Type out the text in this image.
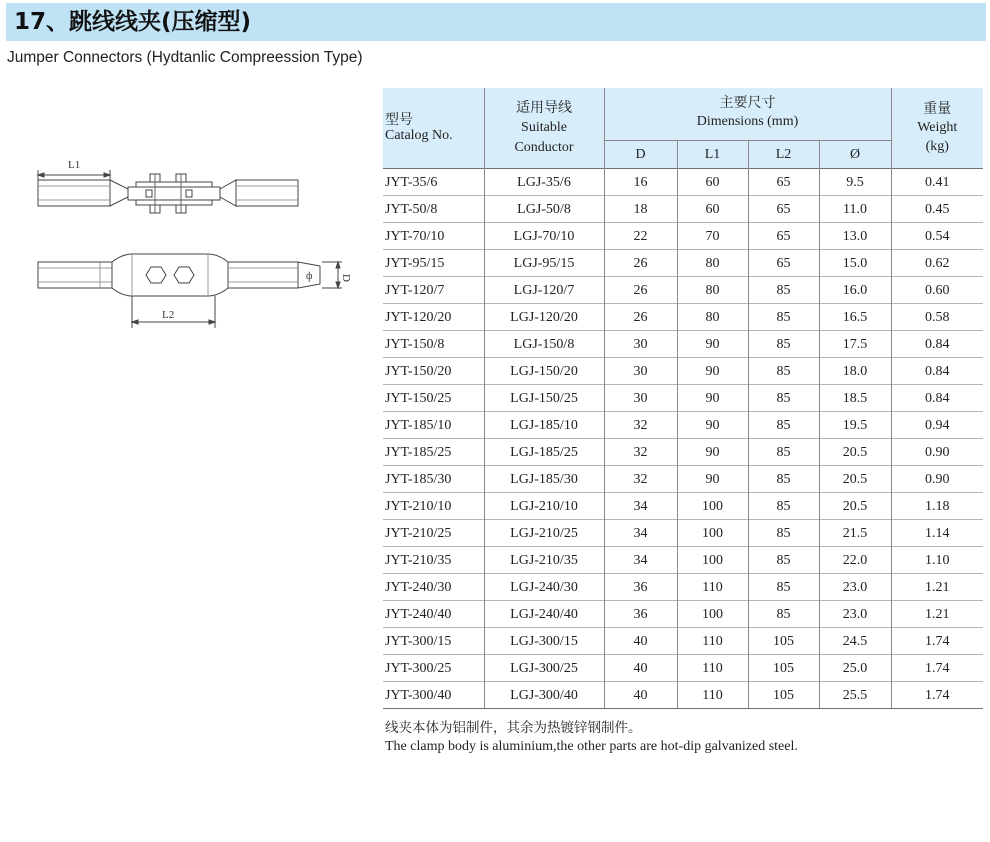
17、跳线线夹(压缩型)
Jumper Connectors (Hydtanlic Compreession Type)
L1
L2
D
ф
型号
Catalog No.	适用导线
Suitable
Conductor	主要尺寸
Dimensions (mm)				重量
Weight
(kg)
		D	L1	L2	Ø	
JYT-35/6	LGJ-35/6	16	60	65	9.5	0.41
JYT-50/8	LGJ-50/8	18	60	65	11.0	0.45
JYT-70/10	LGJ-70/10	22	70	65	13.0	0.54
JYT-95/15	LGJ-95/15	26	80	65	15.0	0.62
JYT-120/7	LGJ-120/7	26	80	85	16.0	0.60
JYT-120/20	LGJ-120/20	26	80	85	16.5	0.58
JYT-150/8	LGJ-150/8	30	90	85	17.5	0.84
JYT-150/20	LGJ-150/20	30	90	85	18.0	0.84
JYT-150/25	LGJ-150/25	30	90	85	18.5	0.84
JYT-185/10	LGJ-185/10	32	90	85	19.5	0.94
JYT-185/25	LGJ-185/25	32	90	85	20.5	0.90
JYT-185/30	LGJ-185/30	32	90	85	20.5	0.90
JYT-210/10	LGJ-210/10	34	100	85	20.5	1.18
JYT-210/25	LGJ-210/25	34	100	85	21.5	1.14
JYT-210/35	LGJ-210/35	34	100	85	22.0	1.10
JYT-240/30	LGJ-240/30	36	110	85	23.0	1.21
JYT-240/40	LGJ-240/40	36	100	85	23.0	1.21
JYT-300/15	LGJ-300/15	40	110	105	24.5	1.74
JYT-300/25	LGJ-300/25	40	110	105	25.0	1.74
JYT-300/40	LGJ-300/40	40	110	105	25.5	1.74
线夹本体为铝制件，其余为热镀锌钢制件。
The clamp body is aluminium,the other parts are hot-dip galvanized steel.
